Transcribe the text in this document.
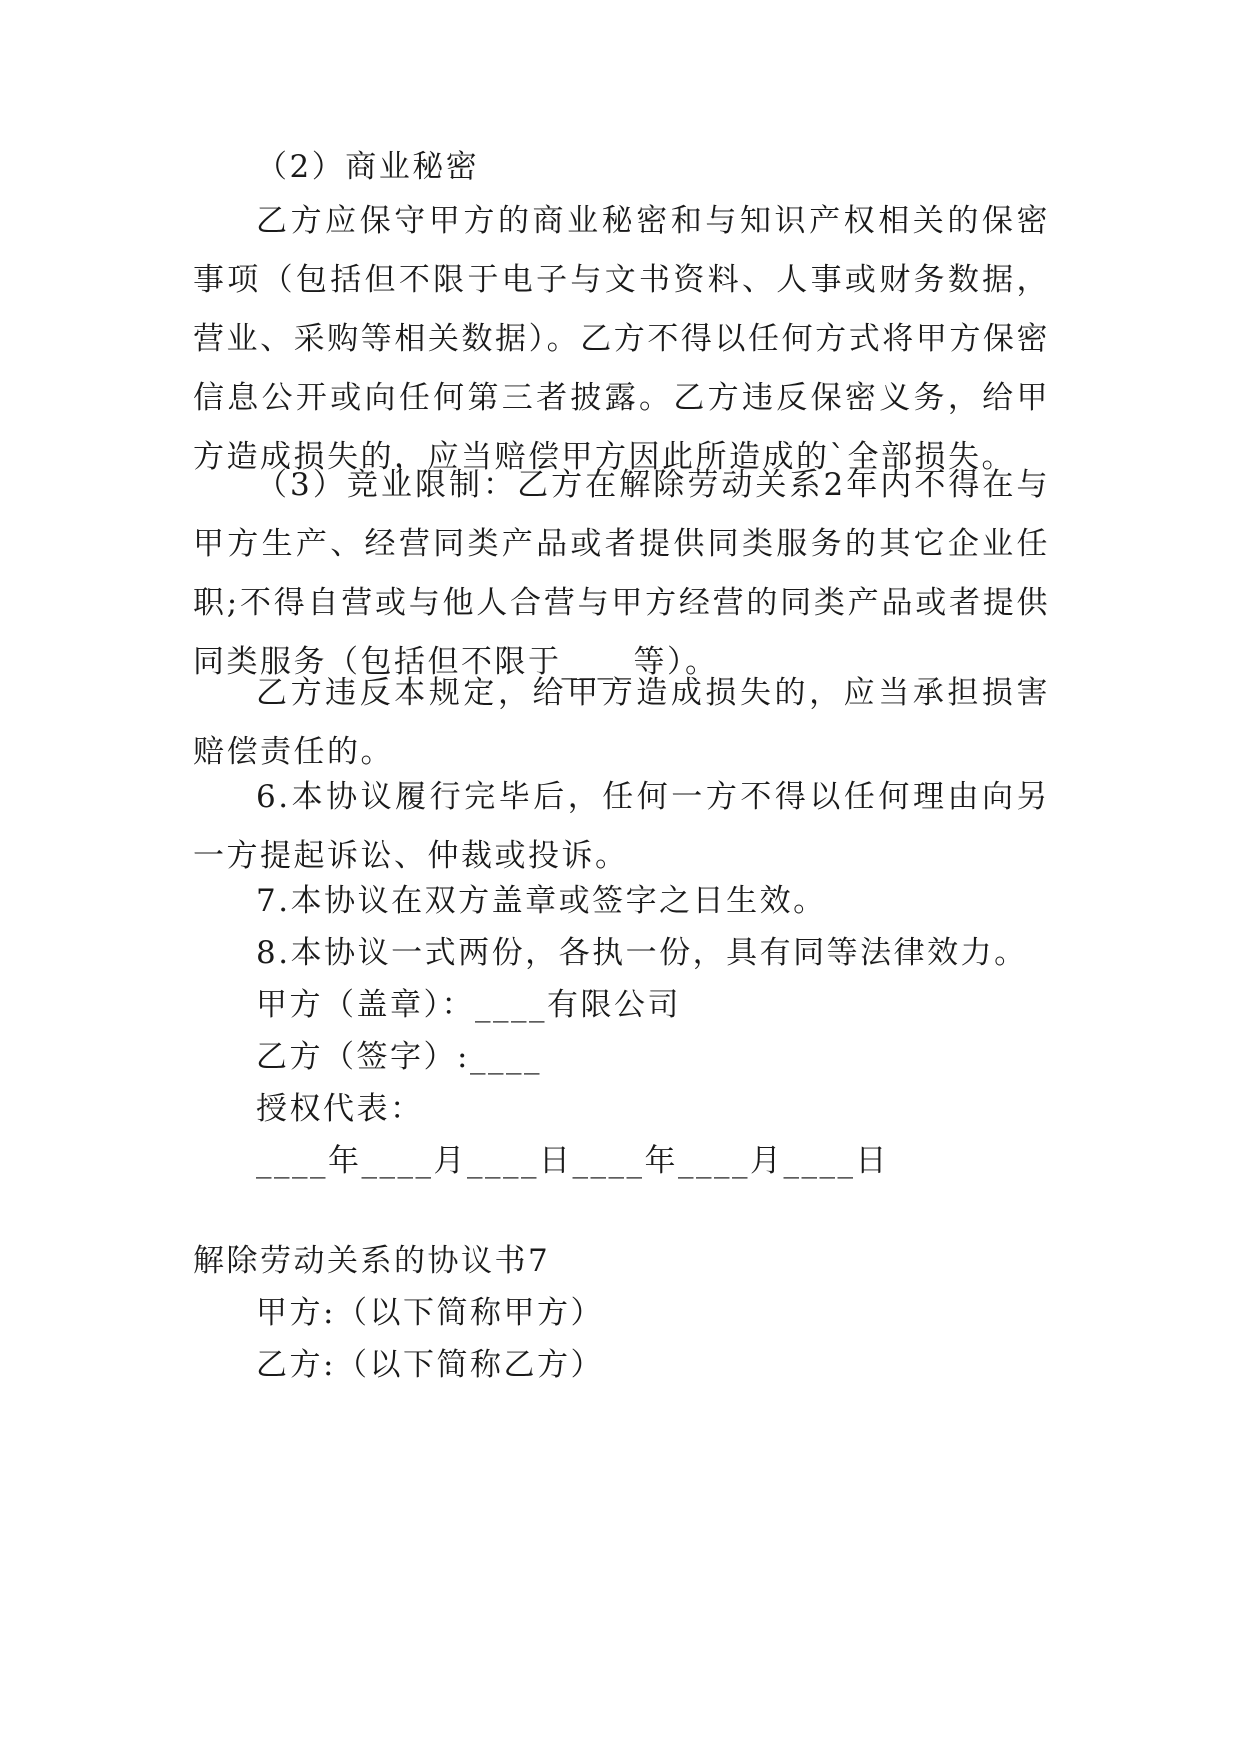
（2）商业秘密

乙方应保守甲方的商业秘密和与知识产权相关的保密事项（包括但不限于电子与文书资料、人事或财务数据，营业、采购等相关数据）。乙方不得以任何方式将甲方保密信息公开或向任何第三者披露。乙方违反保密义务，给甲方造成损失的，应当赔偿甲方因此所造成的`全部损失。

（3）竞业限制：乙方在解除劳动关系2年内不得在与甲方生产、经营同类产品或者提供同类服务的其它企业任职;不得自营或与他人合营与甲方经营的同类产品或者提供同类服务（包括但不限于____等）。

乙方违反本规定，给甲方造成损失的，应当承担损害赔偿责任的。

6.本协议履行完毕后，任何一方不得以任何理由向另一方提起诉讼、仲裁或投诉。

7.本协议在双方盖章或签字之日生效。

8.本协议一式两份，各执一份，具有同等法律效力。

甲方（盖章）：____有限公司

乙方（签字）:____

授权代表：

____年____月____日____年____月____日

解除劳动关系的协议书7

甲方:（以下简称甲方）

乙方:（以下简称乙方）
